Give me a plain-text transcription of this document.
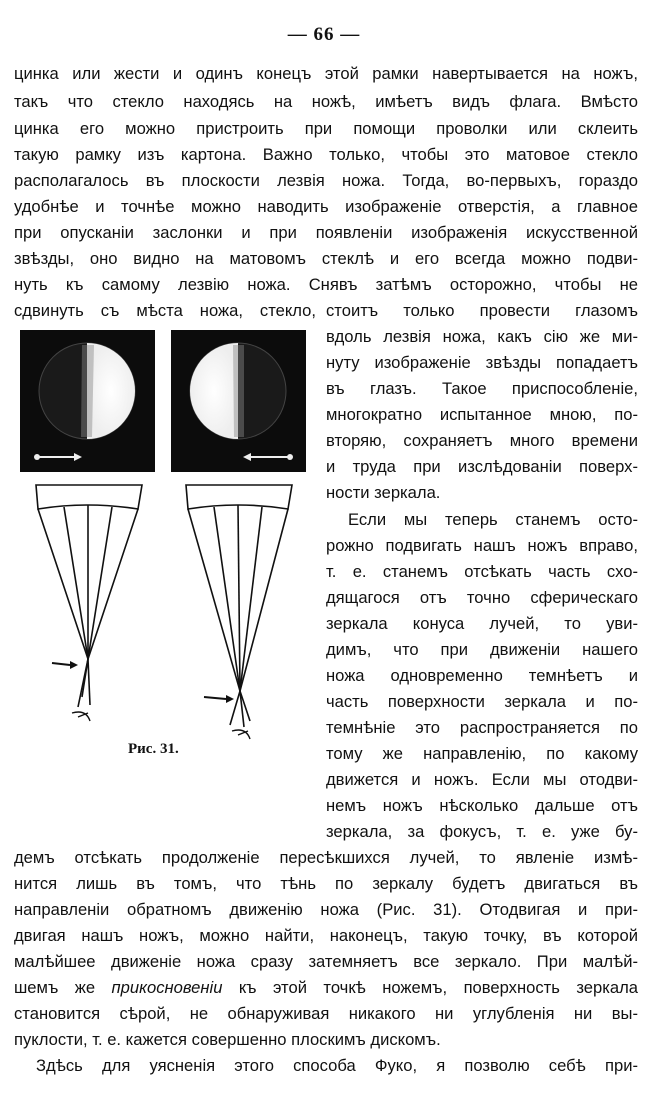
— 66 —
цинка или жести и одинъ конецъ этой рамки навертывается на ножъ,
такъ что стекло находясь на ножѣ, имѣетъ видъ флага. Вмѣсто
цинка его можно пристроить при помощи проволки или склеить
такую рамку изъ картона. Важно только, чтобы это матовое стекло
располагалось въ плоскости лезвія ножа. Тогда, во-первыхъ, гораздо
удобнѣе и точнѣе можно наводить изображеніе отверстія, а главное
при опусканіи заслонки и при появленіи изображенія искусственной
звѣзды, оно видно на матовомъ стеклѣ и его всегда можно подви-
нуть къ самому лезвію ножа. Снявъ затѣмъ осторожно, чтобы не
сдвинуть съ мѣста ножа, стекло, стоитъ только провести глазомъ
вдоль лезвія ножа, какъ сію же ми-
нуту изображеніе звѣзды попадаетъ
въ глазъ. Такое приспособленіе,
многократно испытанное мною, по-
вторяю, сохраняетъ много времени
и труда при изслѣдованіи поверх-
ности зеркала.
Если мы теперь станемъ осто-
рожно подвигать нашъ ножъ вправо,
т. е. станемъ отсѣкать часть схо-
дящагося отъ точно сферическаго
зеркала конуса лучей, то уви-
димъ, что при движеніи нашего
ножа одновременно темнѣетъ и
часть поверхности зеркала и по-
темнѣніе это распространяется по
тому же направленію, по какому
движется и ножъ. Если мы отодви-
немъ ножъ нѣсколько дальше отъ
зеркала, за фокусъ, т. е. уже бу-
Рис. 31.
демъ отсѣкать продолженіе пересѣкшихся лучей, то явленіе измѣ-
нится лишь въ томъ, что тѣнь по зеркалу будетъ двигаться въ
направленіи обратномъ движенію ножа (Рис. 31). Отодвигая и при-
двигая нашъ ножъ, можно найти, наконецъ, такую точку, въ которой
малѣйшее движеніе ножа сразу затемняетъ все зеркало. При малѣй-
шемъ же прикосновеніи къ этой точкѣ ножемъ, поверхность зеркала
становится сѣрой, не обнаруживая никакого ни углубленія ни вы-
пуклости, т. е. кажется совершенно плоскимъ дискомъ.
Здѣсь для уясненія этого способа Фуко, я позволю себѣ при-
